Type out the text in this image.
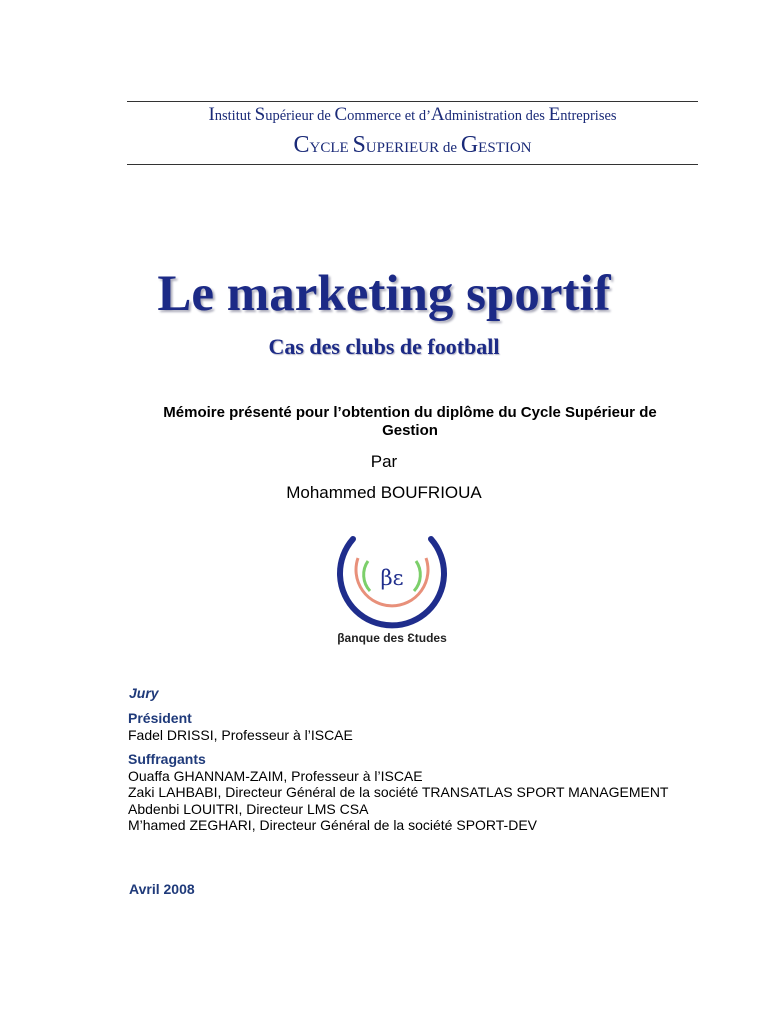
Institut Supérieur de Commerce et d’Administration des Entreprises
CYCLE SUPERIEUR de GESTION
Le marketing sportif
Cas des clubs de football
Mémoire présenté pour l’obtention du diplôme du Cycle Supérieur de Gestion
Par
Mohammed BOUFRIOUA
βε
βanque des Ɛtudes
Jury
Président
Fadel DRISSI, Professeur à l’ISCAE
Suffragants
Ouaffa GHANNAM-ZAIM, Professeur à l’ISCAE
Zaki LAHBABI, Directeur Général de la société TRANSATLAS SPORT MANAGEMENT
Abdenbi LOUITRI, Directeur LMS CSA
M’hamed ZEGHARI, Directeur Général de la société SPORT-DEV
Avril 2008
